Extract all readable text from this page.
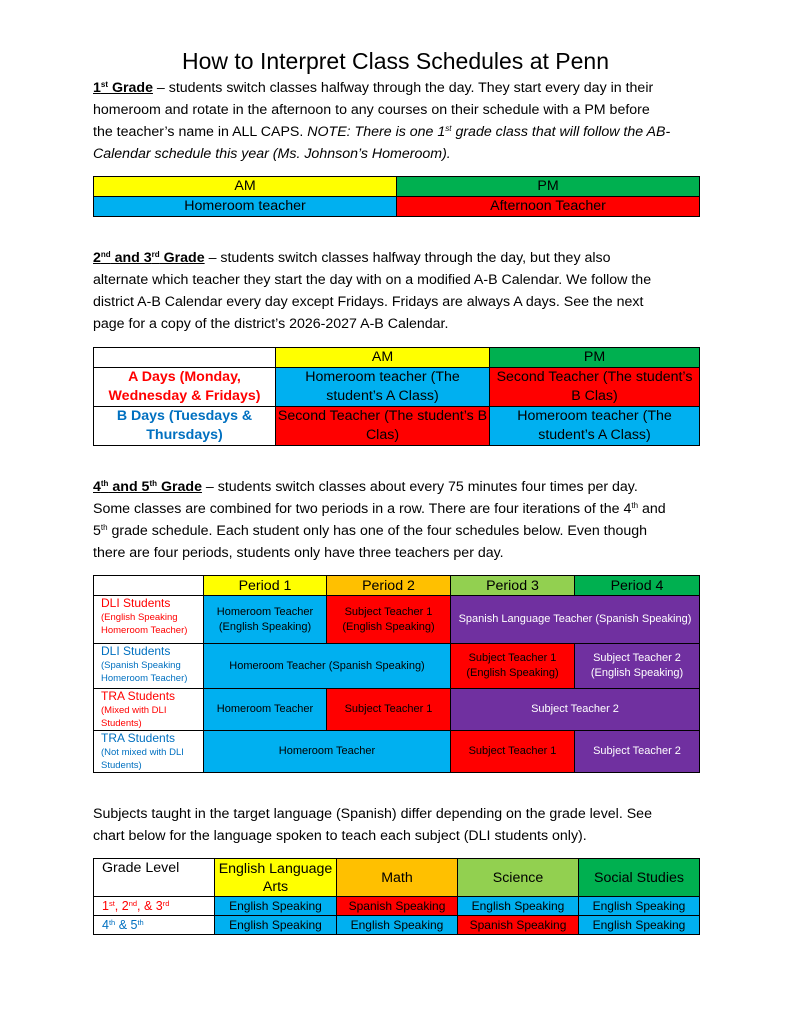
How to Interpret Class Schedules at Penn

1st Grade – students switch classes halfway through the day. They start every day in their
homeroom and rotate in the afternoon to any courses on their schedule with a PM before
the teacher’s name in ALL CAPS. NOTE: There is one 1st grade class that will follow the AB-
Calendar schedule this year (Ms. Johnson’s Homeroom).

AM	PM
Homeroom teacher	Afternoon Teacher

2nd and 3rd Grade – students switch classes halfway through the day, but they also
alternate which teacher they start the day with on a modified A-B Calendar. We follow the
district A-B Calendar every day except Fridays. Fridays are always A days. See the next
page for a copy of the district’s 2026-2027 A-B Calendar.

	AM	PM
A Days (Monday, Wednesday & Fridays)	Homeroom teacher (The student’s A Class)	Second Teacher (The student’s B Clas)
B Days (Tuesdays & Thursdays)	Second Teacher (The student’s B Clas)	Homeroom teacher (The student’s A Class)

4th and 5th Grade – students switch classes about every 75 minutes four times per day.
Some classes are combined for two periods in a row. There are four iterations of the 4th and
5th grade schedule. Each student only has one of the four schedules below. Even though
there are four periods, students only have three teachers per day.

	Period 1	Period 2	Period 3	Period 4

DLI Students
(English Speaking Homeroom Teacher)	Homeroom Teacher (English Speaking)	Subject Teacher 1 (English Speaking)	Spanish Language Teacher (Spanish Speaking)	

DLI Students
(Spanish Speaking Homeroom Teacher)	Homeroom Teacher (Spanish Speaking)		Subject Teacher 1 (English Speaking)	Subject Teacher 2 (English Speaking)

TRA Students
(Mixed with DLI Students)	Homeroom Teacher	Subject Teacher 1	Subject Teacher 2	

TRA Students
(Not mixed with DLI Students)	Homeroom Teacher		Subject Teacher 1	Subject Teacher 2

Subjects taught in the target language (Spanish) differ depending on the grade level. See
chart below for the language spoken to teach each subject (DLI students only).

Grade Level	English Language Arts	Math	Science	Social Studies
1st, 2nd, & 3rd	English Speaking	Spanish Speaking	English Speaking	English Speaking
4th & 5th	English Speaking	English Speaking	Spanish Speaking	English Speaking
